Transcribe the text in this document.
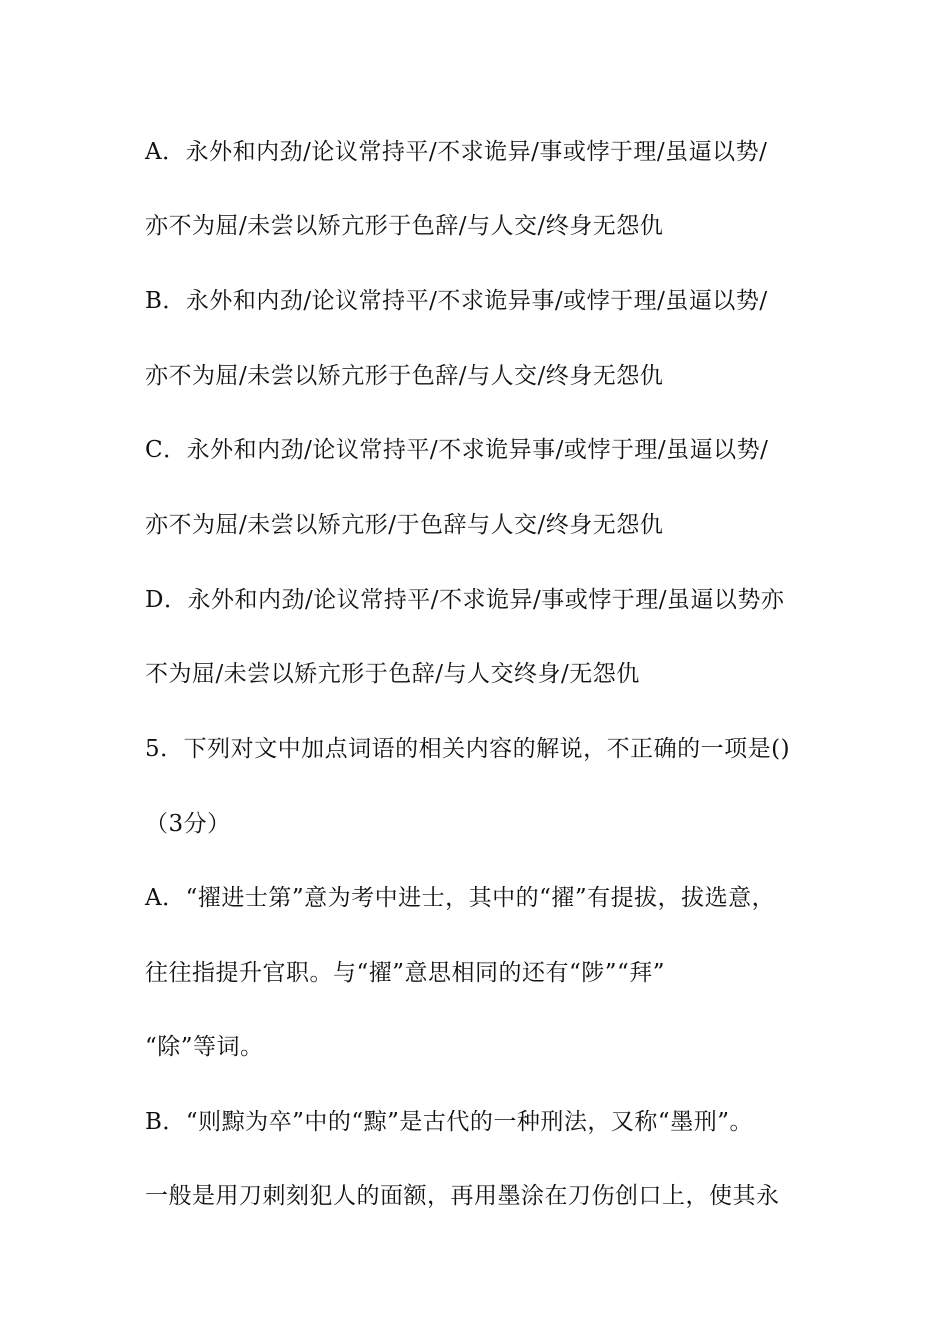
A．永外和内劲/论议常持平/不求诡异/事或悖于理/虽逼以势/
亦不为屈/未尝以矫亢形于色辞/与人交/终身无怨仇
B．永外和内劲/论议常持平/不求诡异事/或悖于理/虽逼以势/
亦不为屈/未尝以矫亢形于色辞/与人交/终身无怨仇
C．永外和内劲/论议常持平/不求诡异事/或悖于理/虽逼以势/
亦不为屈/未尝以矫亢形/于色辞与人交/终身无怨仇
D．永外和内劲/论议常持平/不求诡异/事或悖于理/虽逼以势亦
不为屈/未尝以矫亢形于色辞/与人交终身/无怨仇
5．下列对文中加点词语的相关内容的解说，不正确的一项是()
（3分）
A．“擢进士第”意为考中进士，其中的“擢”有提拔，拔选意，
往往指提升官职。与“擢”意思相同的还有“陟”“拜”
“除”等词。
B．“则黥为卒”中的“黥”是古代的一种刑法，又称“墨刑”。
一般是用刀刺刻犯人的面额，再用墨涂在刀伤创口上，使其永
